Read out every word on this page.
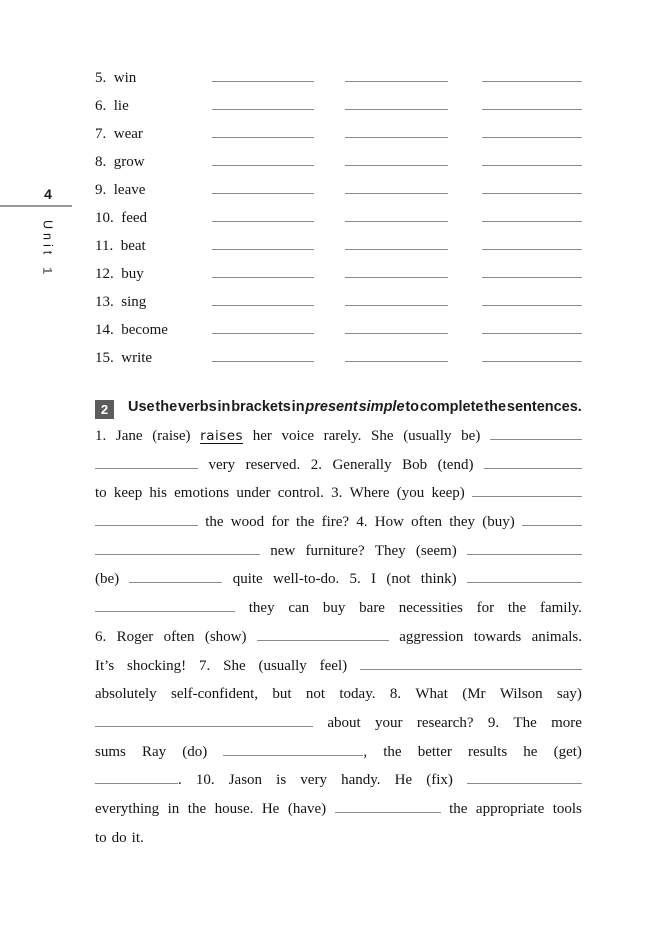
4
Unit
1
5.  win
6.  lie
7.  wear
8.  grow
9.  leave
10.  feed
11.  beat
12.  buy
13.  sing
14.  become
15.  write
2	Use the verbs in brackets in present simple to complete the sentences.
1. Jane (raise) raises her voice rarely. She (usually be)
very reserved. 2. Generally Bob (tend)
to keep his emotions under control. 3. Where (you keep)
the wood for the fire? 4. How often they (buy)
new furniture? They (seem)
(be)	quite well-to-do. 5. I (not think)
they can buy bare necessities for the family.
6. Roger often (show)	aggression towards animals.
It’s shocking! 7. She (usually feel)
absolutely self-confident, but not today. 8. What (Mr Wilson say)
about your research? 9. The more
sums Ray (do)	, the better results he (get)
. 10. Jason is very handy. He (fix)
everything in the house. He (have)	the appropriate tools
to do it.
